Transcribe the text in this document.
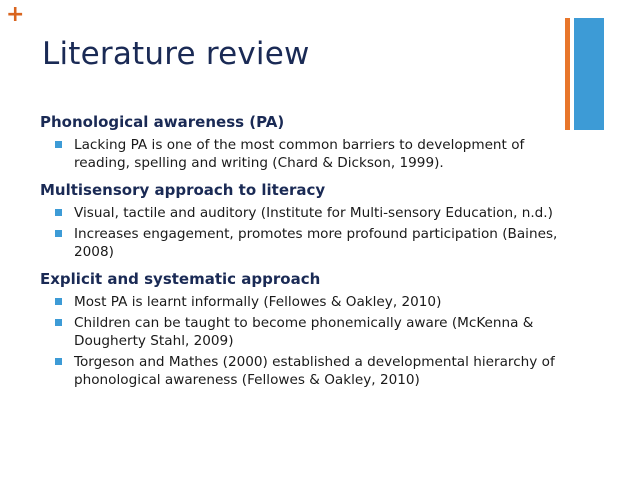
+
Literature review
Phonological awareness (PA)
Lacking PA is one of the most common barriers to development of reading, spelling and writing (Chard & Dickson, 1999).
Multisensory approach to literacy
Visual, tactile and auditory (Institute for Multi-sensory Education, n.d.)
Increases engagement, promotes more profound participation (Baines, 2008)
Explicit and systematic approach
Most PA is learnt informally (Fellowes & Oakley, 2010)
Children can be taught to become phonemically aware (McKenna & Dougherty Stahl, 2009)
Torgeson and Mathes (2000) established a developmental hierarchy of phonological awareness (Fellowes & Oakley, 2010)
